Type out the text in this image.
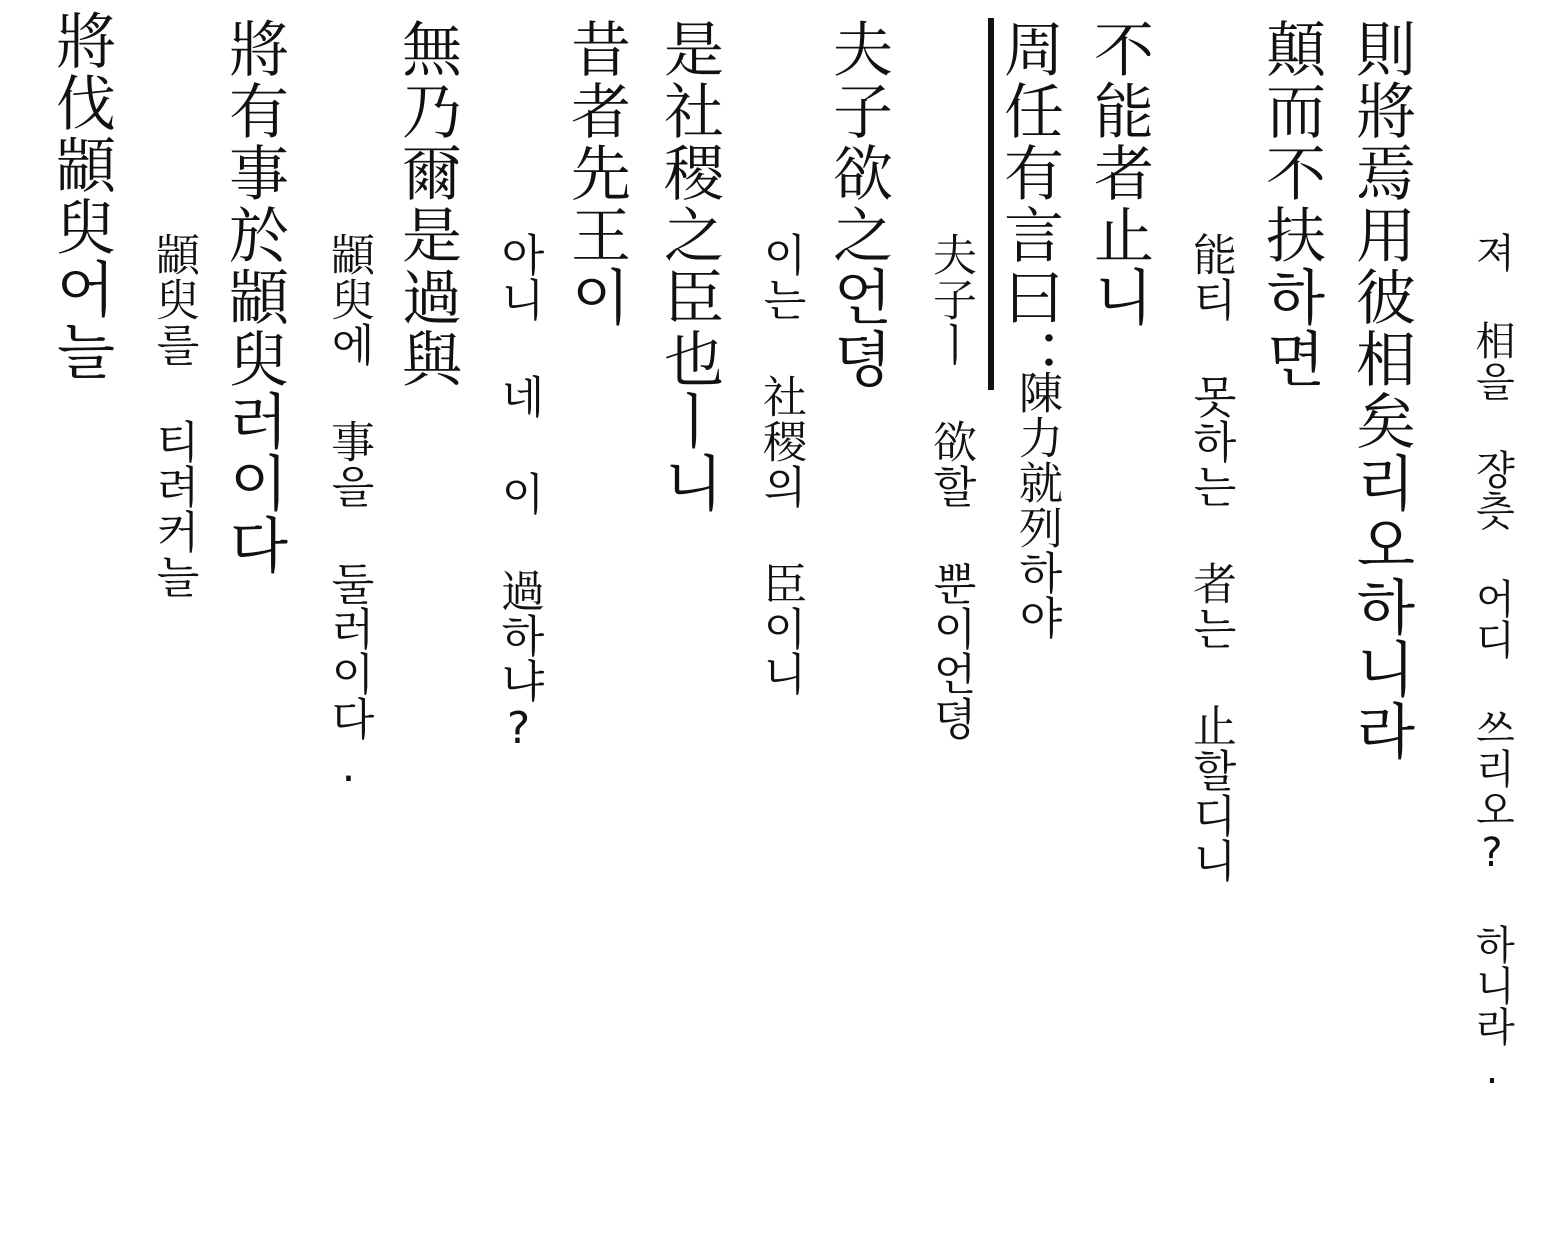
將伐顓臾어늘
顓臾를 티려커늘 將有事於顓臾러이다 顓臾에 事을 둘러이다.
無乃爾是過與
아니 네 이 過하냐?
昔者先王이 是社稷之臣也ㅣ니 이는 社稷의 臣이니
夫子欲之언뎡
夫子ㅣ 欲할 뿐이언뎡
周任有言曰：
陳力就列하야
不能者止니
能티 못하는 者는 止할디니
顛而不扶하면 則將焉用彼相矣리오하니라 져 相을 쟝츳 어디 쓰리오? 하니라.
